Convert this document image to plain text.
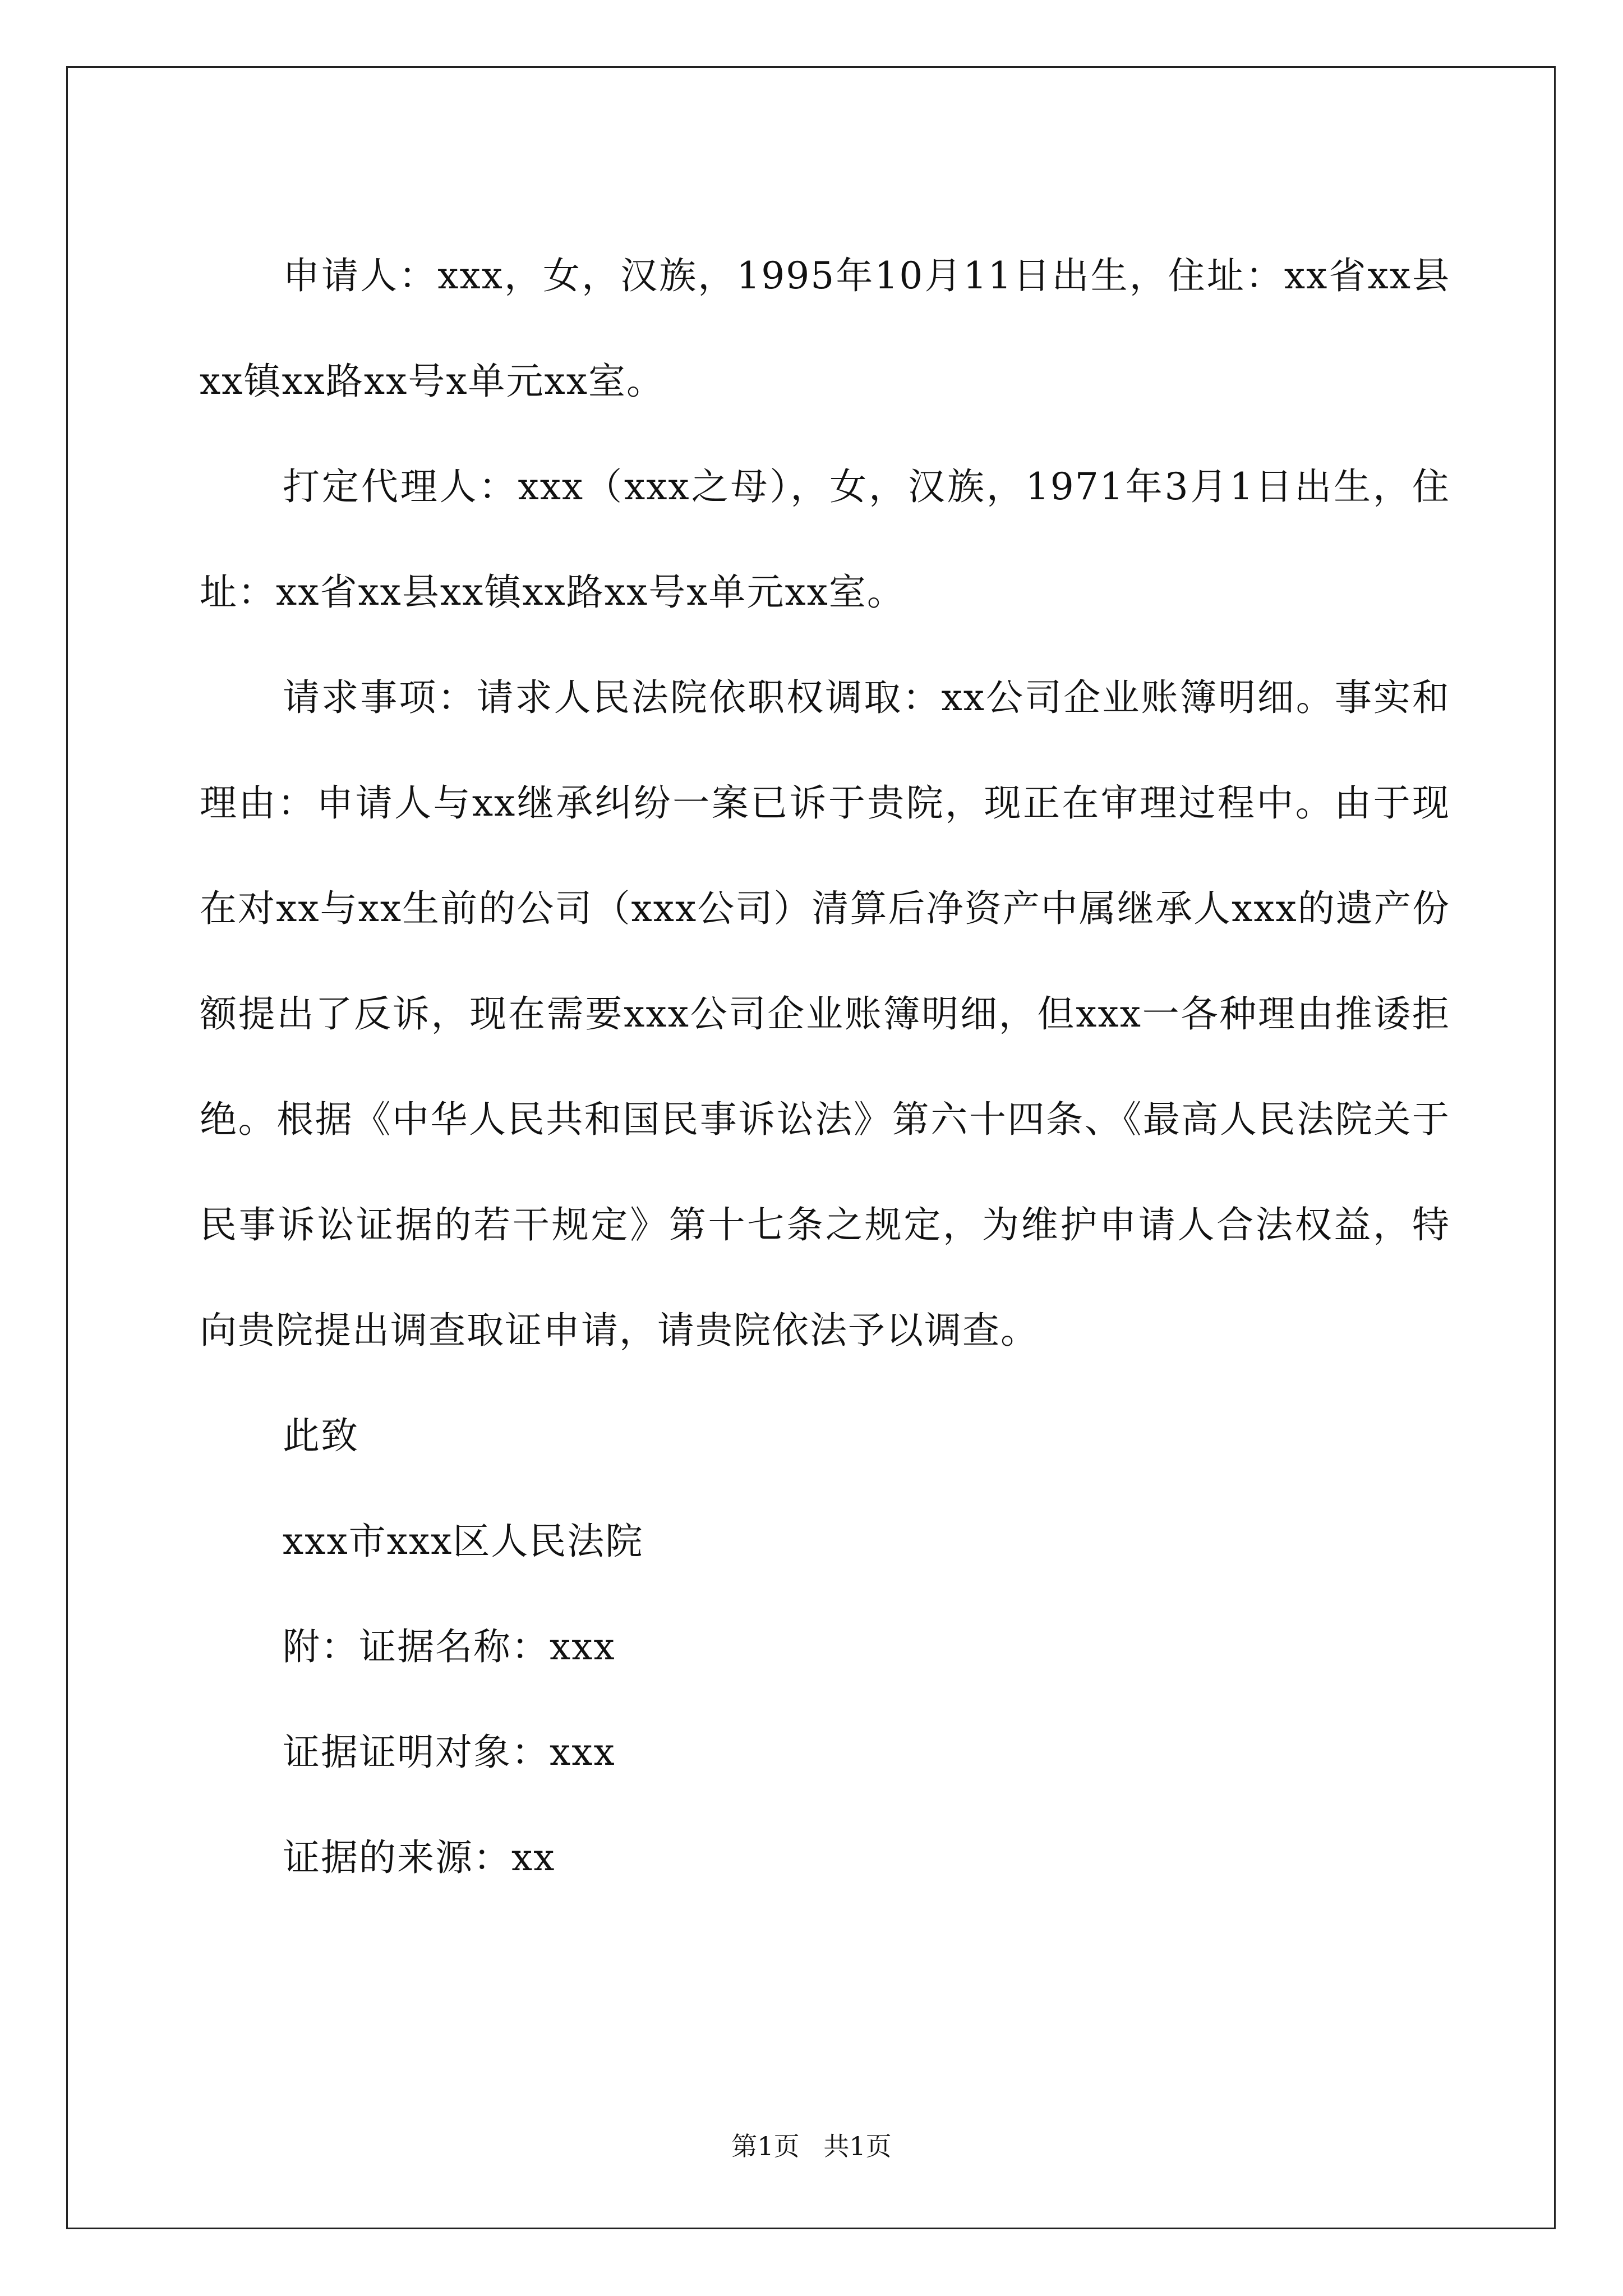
申请人：xxx，女，汉族，1995年10月11日出生，住址：xx省xx县xx镇xx路xx号x单元xx室。

打定代理人：xxx（xxx之母），女，汉族，1971年3月1日出生，住址：xx省xx县xx镇xx路xx号x单元xx室。

请求事项：请求人民法院依职权调取：xx公司企业账簿明细。事实和理由：申请人与xx继承纠纷一案已诉于贵院，现正在审理过程中。由于现在对xx与xx生前的公司（xxx公司）清算后净资产中属继承人xxx的遗产份额提出了反诉，现在需要xxx公司企业账簿明细，但xxx一各种理由推诿拒绝。根据《中华人民共和国民事诉讼法》第六十四条、《最高人民法院关于民事诉讼证据的若干规定》第十七条之规定，为维护申请人合法权益，特向贵院提出调查取证申请，请贵院依法予以调查。

此致

xxx市xxx区人民法院

附：证据名称：xxx

证据证明对象：xxx

证据的来源：xx

第1页 共1页
